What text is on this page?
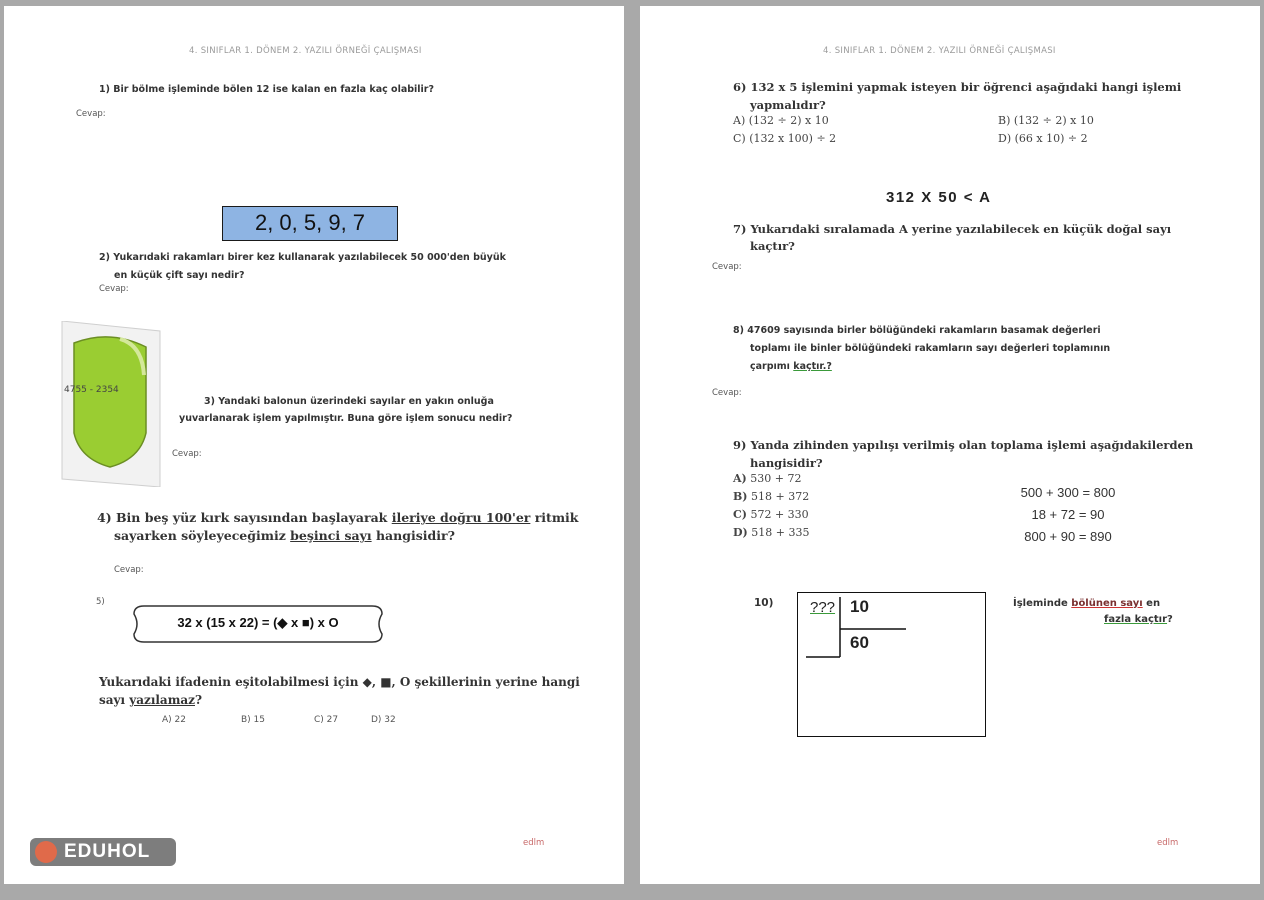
4. SINIFLAR 1. DÖNEM 2. YAZILI ÖRNEĞİ ÇALIŞMASI
1) Bir bölme işleminde bölen 12 ise kalan en fazla kaç olabilir?
Cevap:
2, 0, 5, 9, 7
2) Yukarıdaki rakamları birer kez kullanarak yazılabilecek 50 000'den büyük
en küçük çift sayı nedir?
Cevap:
4755 - 2354
3) Yandaki balonun üzerindeki sayılar en yakın onluğa
yuvarlanarak işlem yapılmıştır. Buna göre işlem sonucu nedir?
Cevap:
4) Bin beş yüz kırk sayısından başlayarak ileriye doğru 100'er ritmik
sayarken söyleyeceğimiz beşinci sayı hangisidir?
Cevap:
5)
32 x (15 x 22) = (◆ x ■) x O
Yukarıdaki ifadenin eşitolabilmesi için ◆, ■, O şekillerinin yerine hangi
sayı yazılamaz?
A) 22	B) 15	C) 27	D) 32
edlm
4. SINIFLAR 1. DÖNEM 2. YAZILI ÖRNEĞİ ÇALIŞMASI
6) 132 x 5 işlemini yapmak isteyen bir öğrenci aşağıdaki hangi işlemi
yapmalıdır?
A) (132 ÷ 2) x 10	B) (132 ÷ 2) x 10
C) (132 x 100) ÷ 2	D) (66 x 10) ÷ 2
312 X 50 < A
7) Yukarıdaki sıralamada A yerine yazılabilecek en küçük doğal sayı
kaçtır?
Cevap:
8) 47609 sayısında birler bölüğündeki rakamların basamak değerleri
toplamı ile binler bölüğündeki rakamların sayı değerleri toplamının
çarpımı kaçtır.?
Cevap:
9) Yanda zihinden yapılışı verilmiş olan toplama işlemi aşağıdakilerden
hangisidir?
A) 530 + 72
B) 518 + 372
C) 572 + 330
D) 518 + 335
500 + 300 = 800
18 + 72 = 90
800 + 90 = 890
10) ??? 10
60
İşleminde bölünen sayı en
fazla kaçtır?
edlm
EDUHOL
